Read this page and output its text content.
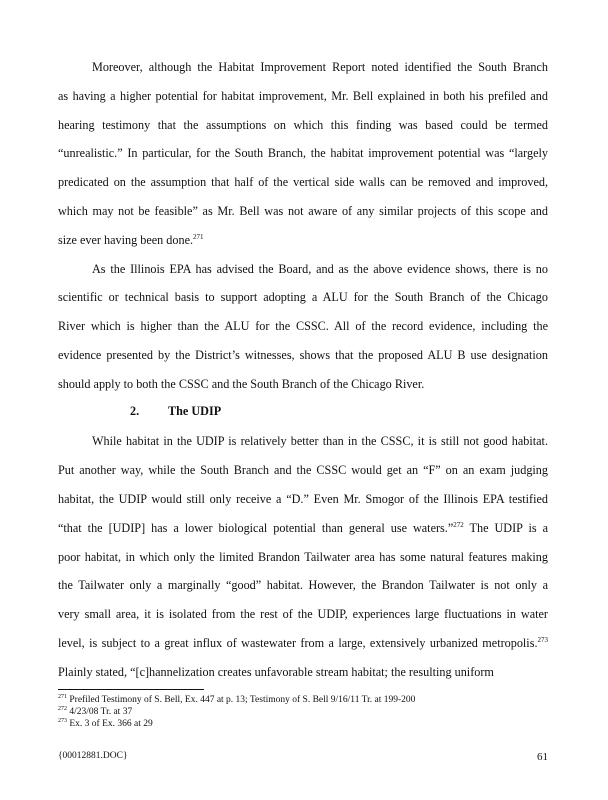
Moreover, although the Habitat Improvement Report noted identified the South Branch
as having a higher potential for habitat improvement, Mr. Bell explained in both his prefiled and
hearing testimony that the assumptions on which this finding was based could be termed
“unrealistic.” In particular, for the South Branch, the habitat improvement potential was “largely
predicated on the assumption that half of the vertical side walls can be removed and improved,
which may not be feasible” as Mr. Bell was not aware of any similar projects of this scope and
size ever having been done.$^{271}$

As the Illinois EPA has advised the Board, and as the above evidence shows, there is no
scientific or technical basis to support adopting a ALU for the South Branch of the Chicago
River which is higher than the ALU for the CSSC. All of the record evidence, including the
evidence presented by the District’s witnesses, shows that the proposed ALU B use designation
should apply to both the CSSC and the South Branch of the Chicago River.

While habitat in the UDIP is relatively better than in the CSSC, it is still not good habitat.
Put another way, while the South Branch and the CSSC would get an “F” on an exam judging
habitat, the UDIP would still only receive a “D.” Even Mr. Smogor of the Illinois EPA testified
“that the [UDIP] has a lower biological potential than general use waters.”$^{272}$ The UDIP is a
poor habitat, in which only the limited Brandon Tailwater area has some natural features making
the Tailwater only a marginally “good” habitat. However, the Brandon Tailwater is not only a
very small area, it is isolated from the rest of the UDIP, experiences large fluctuations in water
level, is subject to a great influx of wastewater from a large, extensively urbanized metropolis.$^{273}$
Plainly stated, “[c]hannelization creates unfavorable stream habitat; the resulting uniform

2. The UDIP
$^{271}$ Prefiled Testimony of S. Bell, Ex. 447 at p. 13; Testimony of S. Bell 9/16/11 Tr. at 199-200
$^{272}$ 4/23/08 Tr. at 37
$^{273}$ Ex. 3 of Ex. 366 at 29
{00012881.DOC}	61
